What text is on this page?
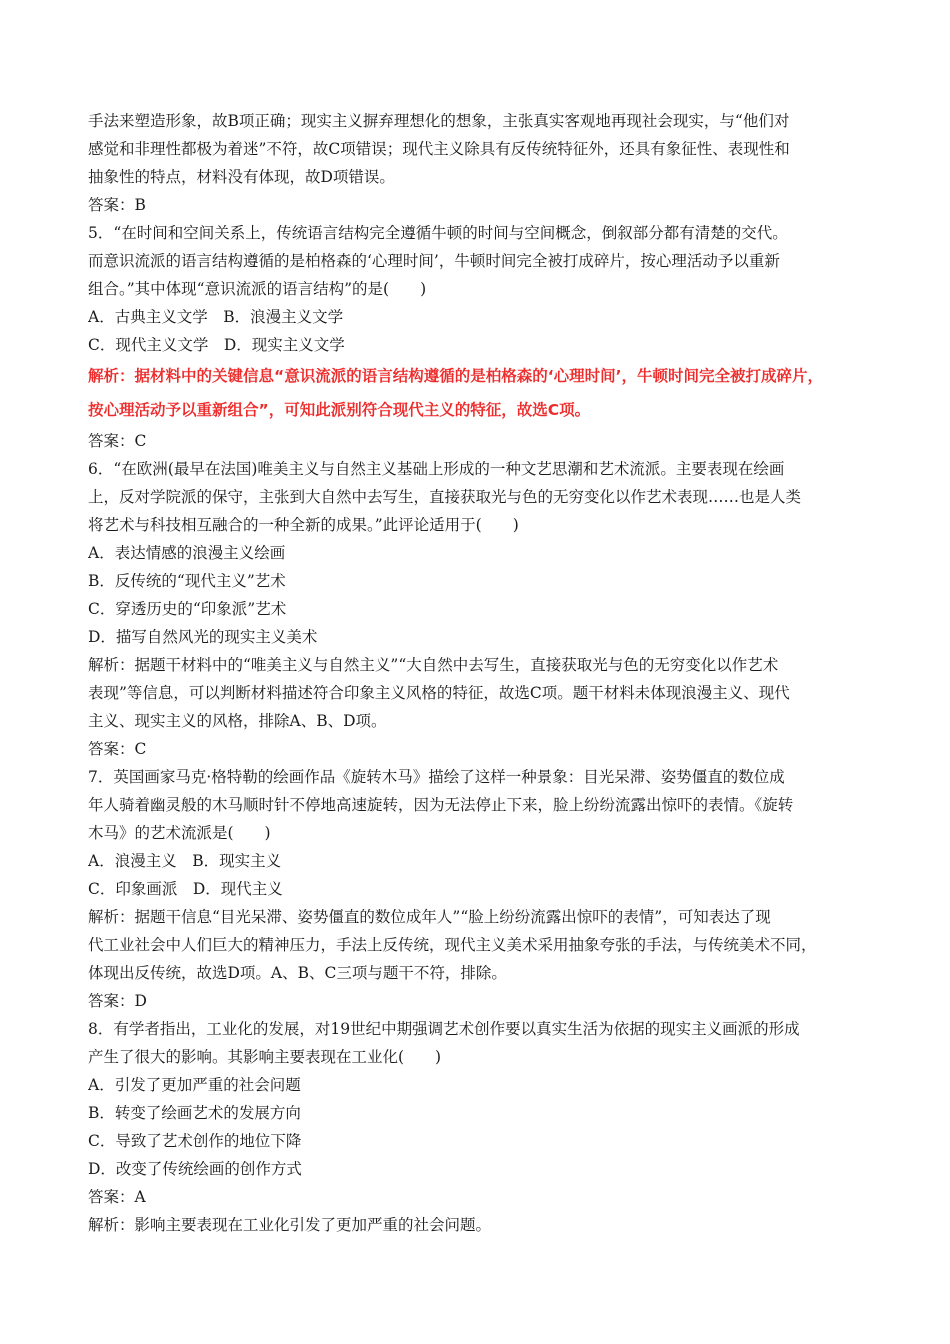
手法来塑造形象，故B项正确；现实主义摒弃理想化的想象，主张真实客观地再现社会现实，与“他们对
感觉和非理性都极为着迷”不符，故C项错误；现代主义除具有反传统特征外，还具有象征性、表现性和
抽象性的特点，材料没有体现，故D项错误。
答案：B
5．“在时间和空间关系上，传统语言结构完全遵循牛顿的时间与空间概念，倒叙部分都有清楚的交代。
而意识流派的语言结构遵循的是柏格森的‘心理时间’，牛顿时间完全被打成碎片，按心理活动予以重新
组合。”其中体现“意识流派的语言结构”的是(　　)
A．古典主义文学　B．浪漫主义文学
C．现代主义文学　D．现实主义文学
解析：据材料中的关键信息“意识流派的语言结构遵循的是柏格森的‘心理时间’，牛顿时间完全被打成碎片，
按心理活动予以重新组合”，可知此派别符合现代主义的特征，故选C项。
答案：C
6．“在欧洲(最早在法国)唯美主义与自然主义基础上形成的一种文艺思潮和艺术流派。主要表现在绘画
上，反对学院派的保守，主张到大自然中去写生，直接获取光与色的无穷变化以作艺术表现……也是人类
将艺术与科技相互融合的一种全新的成果。”此评论适用于(　　)
A．表达情感的浪漫主义绘画
B．反传统的“现代主义”艺术
C．穿透历史的“印象派”艺术
D．描写自然风光的现实主义美术
解析：据题干材料中的“唯美主义与自然主义”“大自然中去写生，直接获取光与色的无穷变化以作艺术
表现”等信息，可以判断材料描述符合印象主义风格的特征，故选C项。题干材料未体现浪漫主义、现代
主义、现实主义的风格，排除A、B、D项。
答案：C
7．英国画家马克·格特勒的绘画作品《旋转木马》描绘了这样一种景象：目光呆滞、姿势僵直的数位成
年人骑着幽灵般的木马顺时针不停地高速旋转，因为无法停止下来，脸上纷纷流露出惊吓的表情。《旋转
木马》的艺术流派是(　　)
A．浪漫主义　B．现实主义
C．印象画派　D．现代主义
解析：据题干信息“目光呆滞、姿势僵直的数位成年人”“脸上纷纷流露出惊吓的表情”，可知表达了现
代工业社会中人们巨大的精神压力，手法上反传统，现代主义美术采用抽象夸张的手法，与传统美术不同，
体现出反传统，故选D项。A、B、C三项与题干不符，排除。
答案：D
8．有学者指出，工业化的发展，对19世纪中期强调艺术创作要以真实生活为依据的现实主义画派的形成
产生了很大的影响。其影响主要表现在工业化(　　)
A．引发了更加严重的社会问题
B．转变了绘画艺术的发展方向
C．导致了艺术创作的地位下降
D．改变了传统绘画的创作方式
答案：A
解析：影响主要表现在工业化引发了更加严重的社会问题。
